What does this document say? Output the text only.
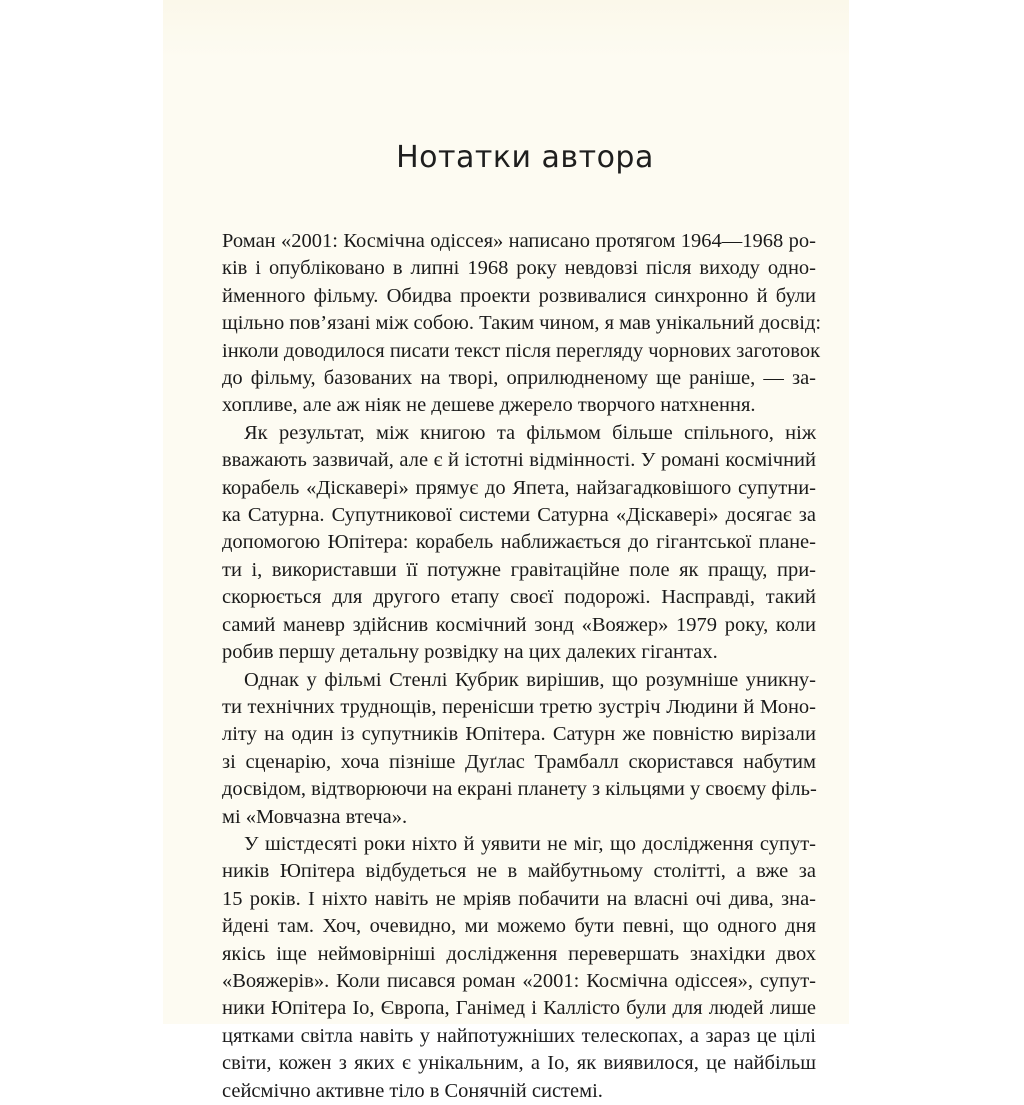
Нотатки автора

Роман «2001: Космічна одіссея» написано протягом 1964—1968 ро-
ків і опубліковано в липні 1968 року невдовзі після виходу одно-
йменного фільму. Обидва проекти розвивалися синхронно й були
щільно пов’язані між собою. Таким чином, я мав унікальний досвід:
інколи доводилося писати текст після перегляду чорнових заготовок
до фільму, базованих на творі, оприлюдненому ще раніше, — за-
хопливе, але аж ніяк не дешеве джерело творчого натхнення.

Як результат, між книгою та фільмом більше спільного, ніж
вважають зазвичай, але є й істотні відмінності. У романі космічний
корабель «Діскавері» прямує до Япета, найзагадковішого супутни-
ка Сатурна. Супутникової системи Сатурна «Діскавері» досягає за
допомогою Юпітера: корабель наближається до гігантської плане-
ти і, використавши її потужне гравітаційне поле як пращу, при-
скорюється для другого етапу своєї подорожі. Насправді, такий
самий маневр здійснив космічний зонд «Вояжер» 1979 року, коли
робив першу детальну розвідку на цих далеких гігантах.

Однак у фільмі Стенлі Кубрик вирішив, що розумніше уникну-
ти технічних труднощів, перенісши третю зустріч Людини й Моно-
літу на один із супутників Юпітера. Сатурн же повністю вирізали
зі сценарію, хоча пізніше Дуґлас Трамбалл скористався набутим
досвідом, відтворюючи на екрані планету з кільцями у своєму філь-
мі «Мовчазна втеча».

У шістдесяті роки ніхто й уявити не міг, що дослідження супут-
ників Юпітера відбудеться не в майбутньому столітті, а вже за
15 років. І ніхто навіть не мріяв побачити на власні очі дива, зна-
йдені там. Хоч, очевидно, ми можемо бути певні, що одного дня
якісь іще неймовірніші дослідження перевершать знахідки двох
«Вояжерів». Коли писався роман «2001: Космічна одіссея», супут-
ники Юпітера Іо, Європа, Ганімед і Каллісто були для людей лише
цятками світла навіть у найпотужніших телескопах, а зараз це цілі
світи, кожен з яких є унікальним, а Іо, як виявилося, це найбільш
сейсмічно активне тіло в Сонячній системі.
